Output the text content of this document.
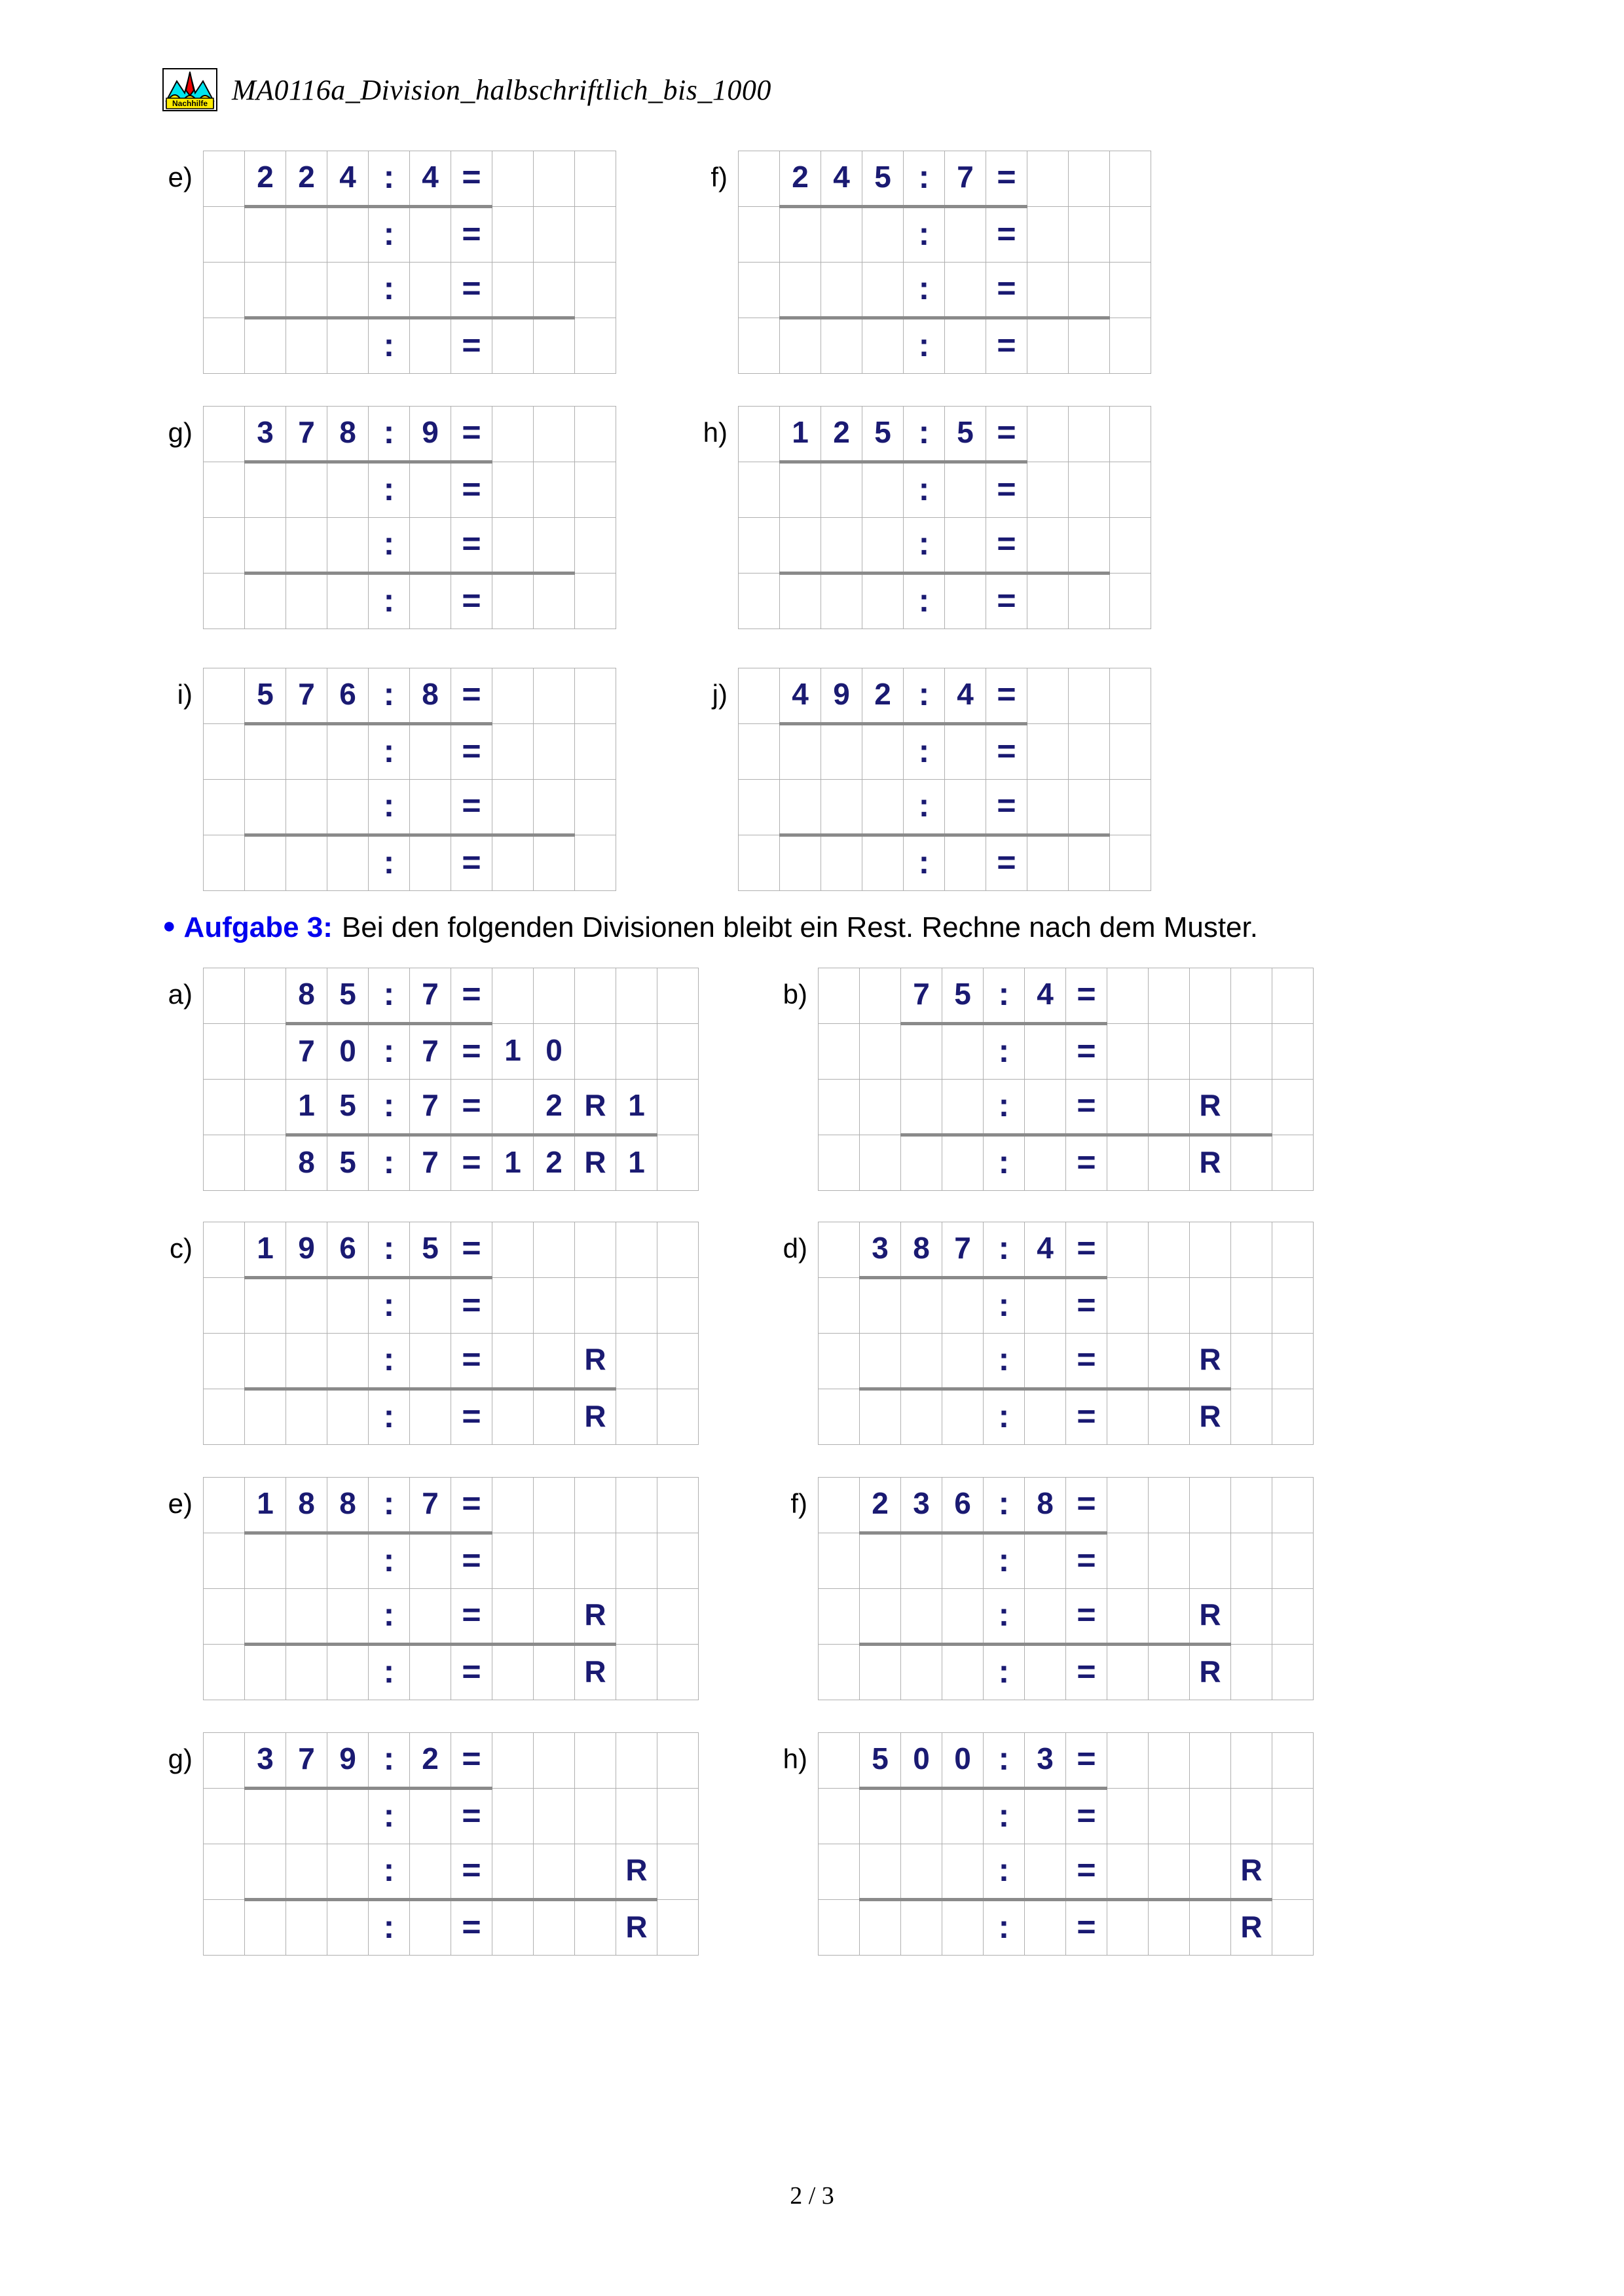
Nachhilfe MA0116a_Division_halbschriftlich_bis_1000
● Aufgabe 3: Bei den folgenden Divisionen bleibt ein Rest. Rechne nach dem Muster.
e)

	2	2	4	:	4	=			

				:		=			

				:		=			

				:		=			

f)

	2	4	5	:	7	=			

				:		=			

				:		=			

				:		=			

g)

	3	7	8	:	9	=			

				:		=			

				:		=			

				:		=			

h)

	1	2	5	:	5	=			

				:		=			

				:		=			

				:		=			

i)

	5	7	6	:	8	=			

				:		=			

				:		=			

				:		=			

j)

	4	9	2	:	4	=			

				:		=			

				:		=			

				:		=			

a)

		8	5	:	7	=					

		7	0	:	7	=	1	0			

		1	5	:	7	=		2	R	1	

		8	5	:	7	=	1	2	R	1	

b)

		7	5	:	4	=					

				:		=					

				:		=			R		

				:		=			R		

c)

	1	9	6	:	5	=					

				:		=					

				:		=			R		

				:		=			R		

d)

	3	8	7	:	4	=					

				:		=					

				:		=			R		

				:		=			R		

e)

	1	8	8	:	7	=					

				:		=					

				:		=			R		

				:		=			R		

f)

	2	3	6	:	8	=					

				:		=					

				:		=			R		

				:		=			R		

g)

	3	7	9	:	2	=					

				:		=					

				:		=				R	

				:		=				R	

h)

	5	0	0	:	3	=					

				:		=					

				:		=				R	

				:		=				R	

2 / 3
